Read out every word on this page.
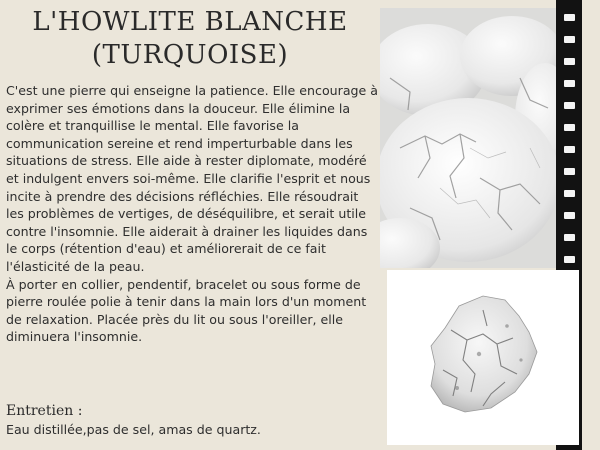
L'HOWLITE BLANCHE
(TURQUOISE)

C'est une pierre qui enseigne la patience. Elle encourage à exprimer ses émotions dans la douceur. Elle élimine la colère et tranquillise le mental. Elle favorise la communication sereine et rend imperturbable dans les situations de stress. Elle aide à rester diplomate, modéré et indulgent envers soi-même. Elle clarifie l'esprit et nous incite à prendre des décisions réfléchies. Elle résoudrait les problèmes de vertiges, de déséquilibre, et serait utile contre l'insomnie. Elle aiderait à drainer les liquides dans le corps (rétention d'eau) et améliorerait de ce fait l'élasticité de la peau.

À porter en collier, pendentif, bracelet ou sous forme de pierre roulée polie à tenir dans la main lors d'un moment de relaxation. Placée près du lit ou sous l'oreiller, elle diminuera l'insomnie.

Entretien :
Eau distillée,pas de sel, amas de quartz.
